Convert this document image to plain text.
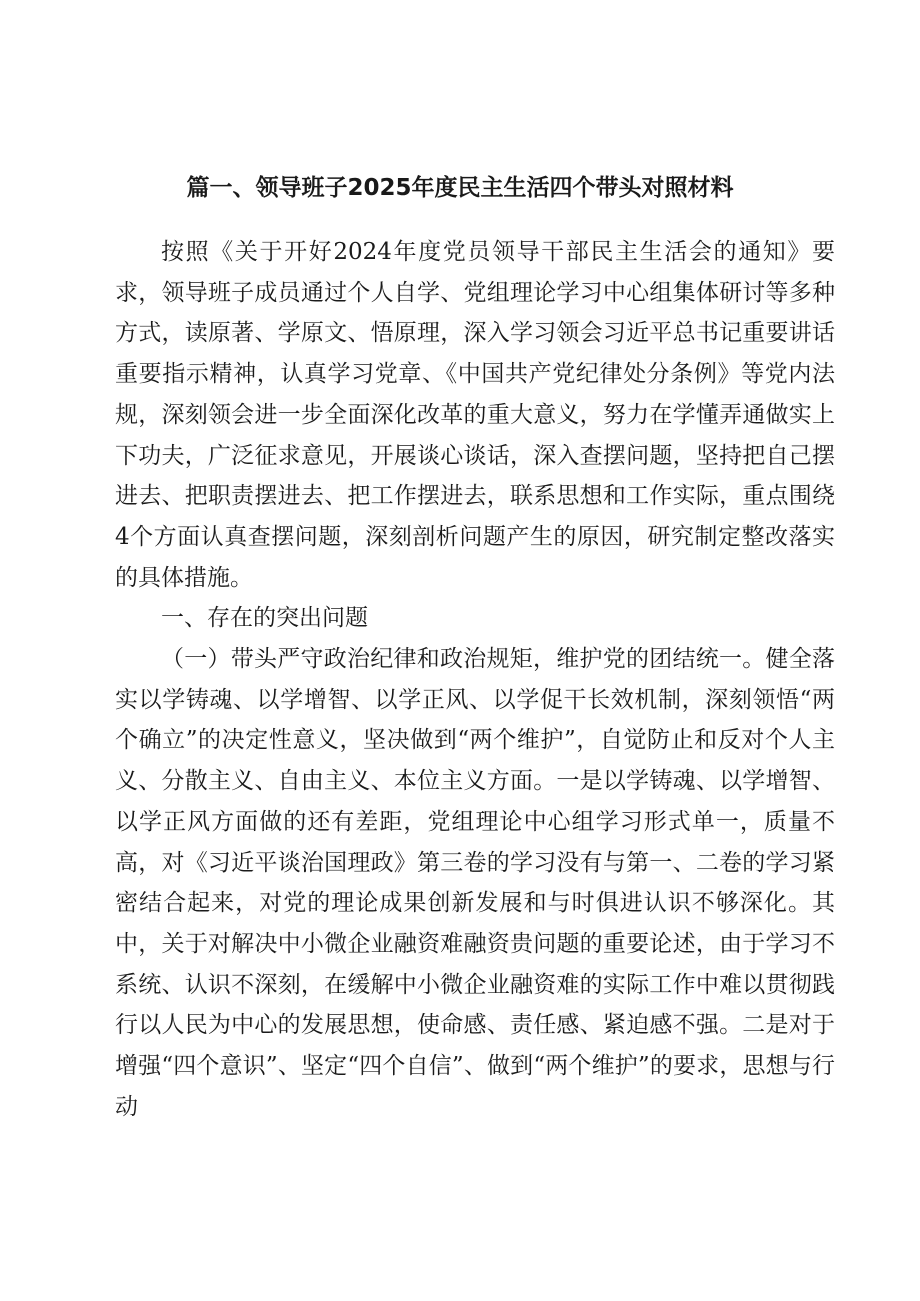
篇一、领导班子2025年度民主生活四个带头对照材料

按照《关于开好2024年度党员领导干部民主生活会的通知》要求，领导班子成员通过个人自学、党组理论学习中心组集体研讨等多种方式，读原著、学原文、悟原理，深入学习领会习近平总书记重要讲话重要指示精神，认真学习党章、《中国共产党纪律处分条例》等党内法规，深刻领会进一步全面深化改革的重大意义，努力在学懂弄通做实上下功夫，广泛征求意见，开展谈心谈话，深入查摆问题，坚持把自己摆进去、把职责摆进去、把工作摆进去，联系思想和工作实际，重点围绕4个方面认真查摆问题，深刻剖析问题产生的原因，研究制定整改落实的具体措施。

一、存在的突出问题

（一）带头严守政治纪律和政治规矩，维护党的团结统一。健全落实以学铸魂、以学增智、以学正风、以学促干长效机制，深刻领悟“两个确立”的决定性意义，坚决做到“两个维护”，自觉防止和反对个人主义、分散主义、自由主义、本位主义方面。一是以学铸魂、以学增智、以学正风方面做的还有差距，党组理论中心组学习形式单一，质量不高，对《习近平谈治国理政》第三卷的学习没有与第一、二卷的学习紧密结合起来，对党的理论成果创新发展和与时俱进认识不够深化。其中，关于对解决中小微企业融资难融资贵问题的重要论述，由于学习不系统、认识不深刻，在缓解中小微企业融资难的实际工作中难以贯彻践行以人民为中心的发展思想，使命感、责任感、紧迫感不强。二是对于增强“四个意识”、坚定“四个自信”、做到“两个维护”的要求，思想与行动
